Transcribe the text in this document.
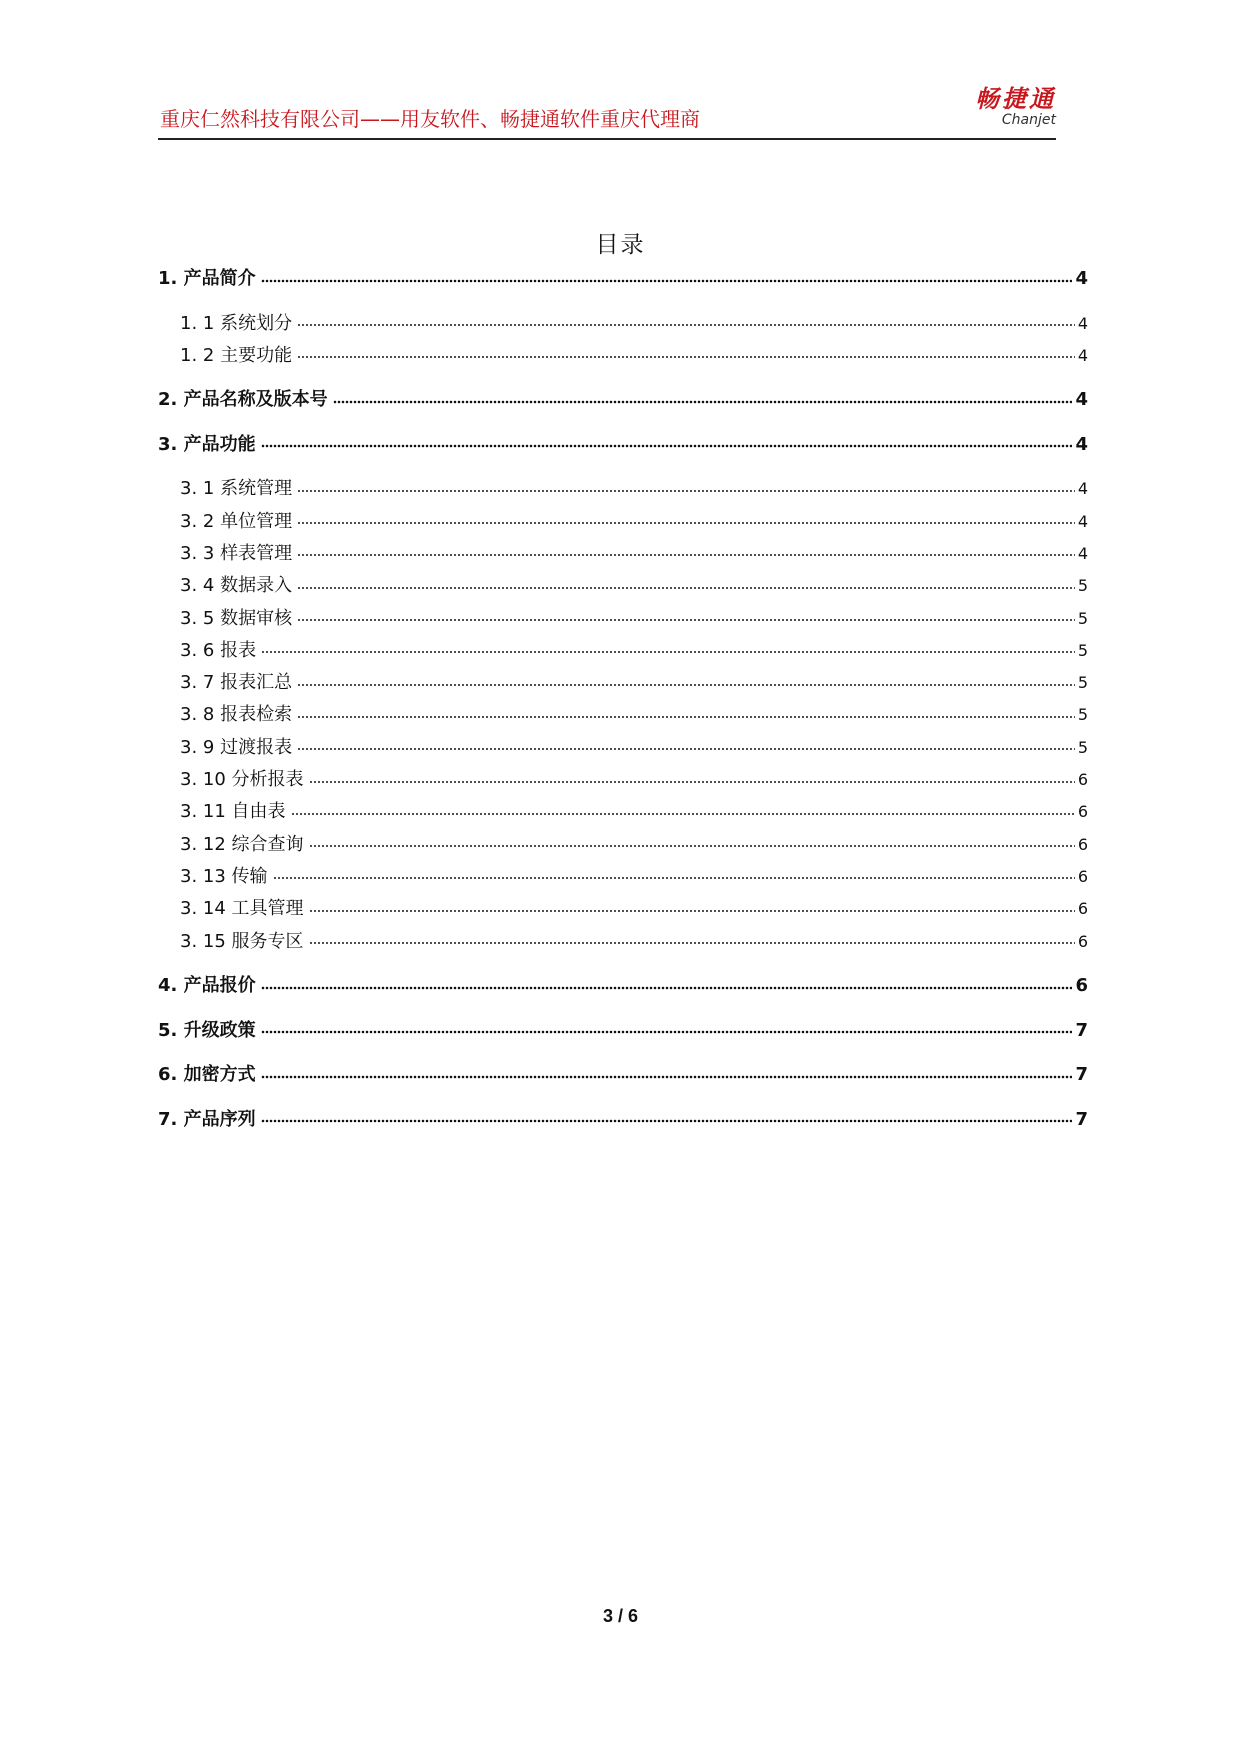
重庆仁然科技有限公司——用友软件、畅捷通软件重庆代理商
畅捷通
Chanjet
目录
1. 产品简介	4
1. 1 系统划分	4
1. 2 主要功能	4
2. 产品名称及版本号	4
3. 产品功能	4
3. 1 系统管理	4
3. 2 单位管理	4
3. 3 样表管理	4
3. 4 数据录入	5
3. 5 数据审核	5
3. 6 报表	5
3. 7 报表汇总	5
3. 8 报表检索	5
3. 9 过渡报表	5
3. 10 分析报表	6
3. 11 自由表	6
3. 12 综合查询	6
3. 13 传输	6
3. 14 工具管理	6
3. 15 服务专区	6
4. 产品报价	6
5. 升级政策	7
6. 加密方式	7
7. 产品序列	7
3 / 6
